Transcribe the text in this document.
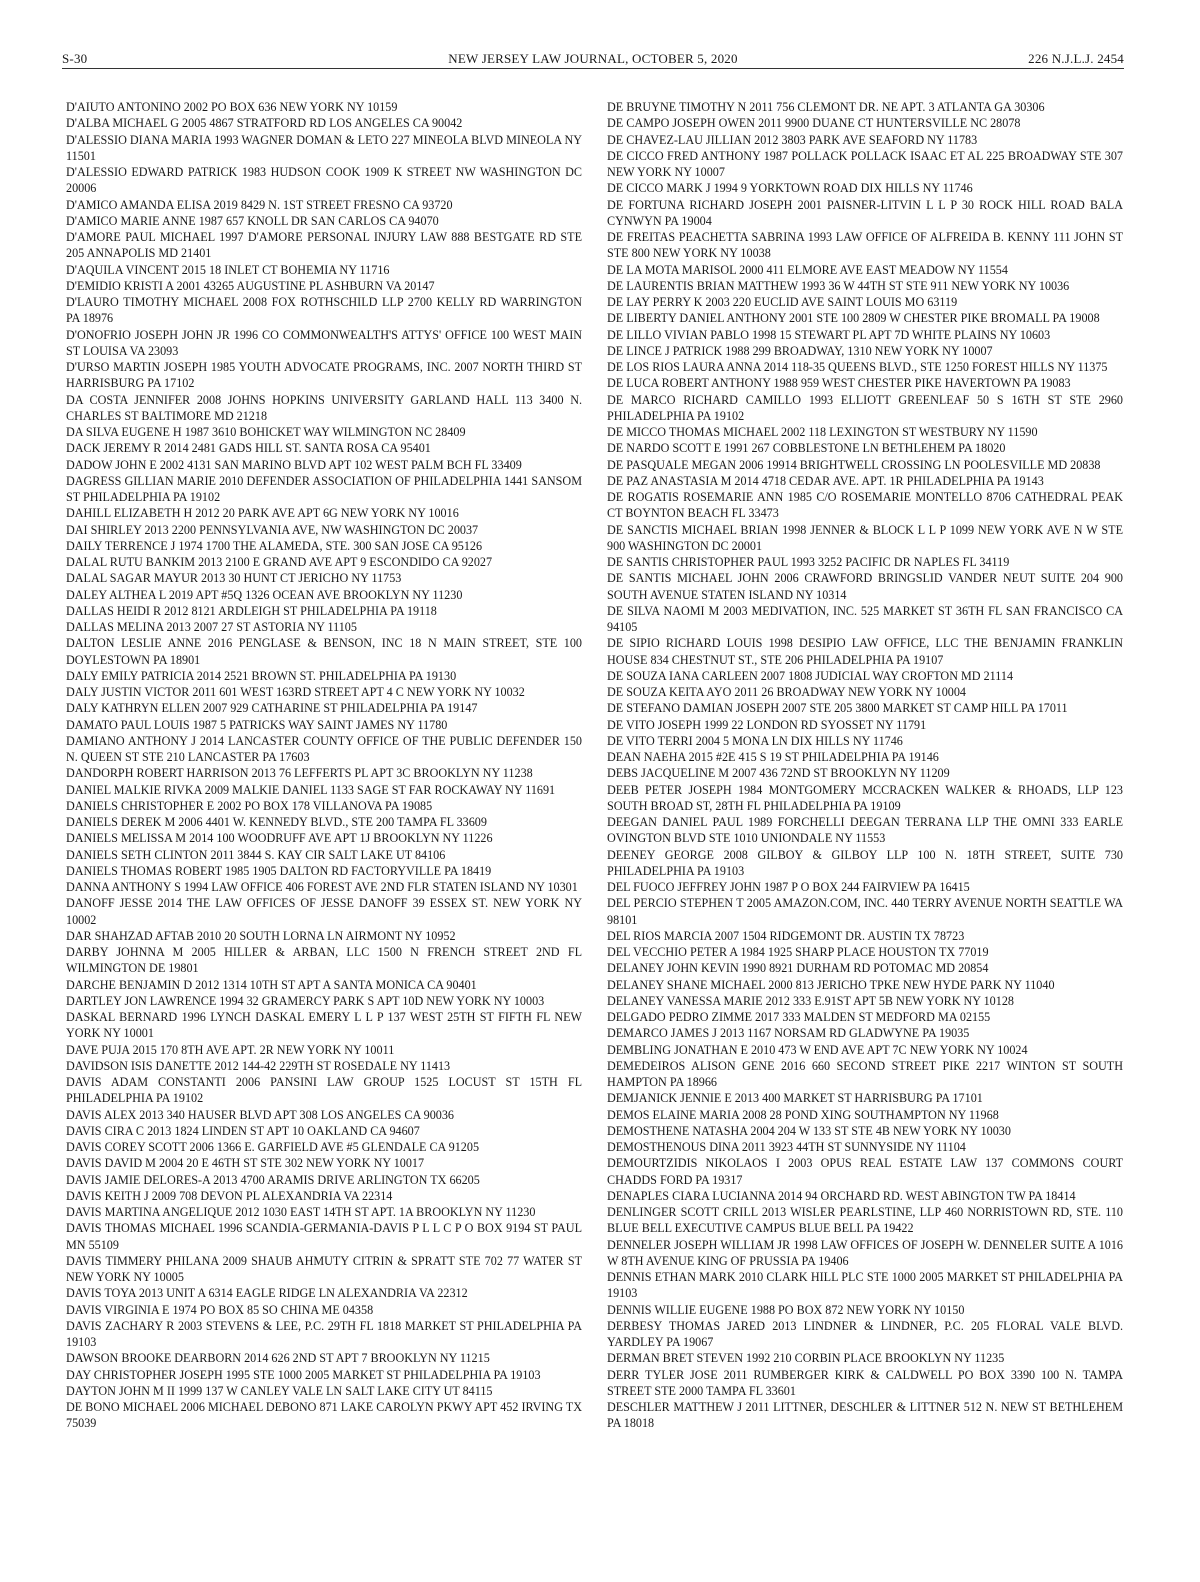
S-30	NEW JERSEY LAW JOURNAL, OCTOBER 5, 2020	226 N.J.L.J. 2454

D'AIUTO ANTONINO 2002 PO BOX 636 NEW YORK NY 10159

D'ALBA MICHAEL G 2005 4867 STRATFORD RD LOS ANGELES CA 90042

D'ALESSIO DIANA MARIA 1993 WAGNER DOMAN & LETO 227 MINEOLA BLVD MINEOLA NY 11501

D'ALESSIO EDWARD PATRICK 1983 HUDSON COOK 1909 K STREET NW WASHINGTON DC 20006

D'AMICO AMANDA ELISA 2019 8429 N. 1ST STREET FRESNO CA 93720

D'AMICO MARIE ANNE 1987 657 KNOLL DR SAN CARLOS CA 94070

D'AMORE PAUL MICHAEL 1997 D'AMORE PERSONAL INJURY LAW 888 BESTGATE RD STE 205 ANNAPOLIS MD 21401

D'AQUILA VINCENT 2015 18 INLET CT BOHEMIA NY 11716

D'EMIDIO KRISTI A 2001 43265 AUGUSTINE PL ASHBURN VA 20147

D'LAURO TIMOTHY MICHAEL 2008 FOX ROTHSCHILD LLP 2700 KELLY RD WARRINGTON PA 18976

D'ONOFRIO JOSEPH JOHN JR 1996 CO COMMONWEALTH'S ATTYS' OFFICE 100 WEST MAIN ST LOUISA VA 23093

D'URSO MARTIN JOSEPH 1985 YOUTH ADVOCATE PROGRAMS, INC. 2007 NORTH THIRD ST HARRISBURG PA 17102

DA COSTA JENNIFER 2008 JOHNS HOPKINS UNIVERSITY GARLAND HALL 113 3400 N. CHARLES ST BALTIMORE MD 21218

DA SILVA EUGENE H 1987 3610 BOHICKET WAY WILMINGTON NC 28409

DACK JEREMY R 2014 2481 GADS HILL ST. SANTA ROSA CA 95401

DADOW JOHN E 2002 4131 SAN MARINO BLVD APT 102 WEST PALM BCH FL 33409

DAGRESS GILLIAN MARIE 2010 DEFENDER ASSOCIATION OF PHILADELPHIA 1441 SANSOM ST PHILADELPHIA PA 19102

DAHILL ELIZABETH H 2012 20 PARK AVE APT 6G NEW YORK NY 10016

DAI SHIRLEY 2013 2200 PENNSYLVANIA AVE, NW WASHINGTON DC 20037

DAILY TERRENCE J 1974 1700 THE ALAMEDA, STE. 300 SAN JOSE CA 95126

DALAL RUTU BANKIM 2013 2100 E GRAND AVE APT 9 ESCONDIDO CA 92027

DALAL SAGAR MAYUR 2013 30 HUNT CT JERICHO NY 11753

DALEY ALTHEA L 2019 APT #5Q 1326 OCEAN AVE BROOKLYN NY 11230

DALLAS HEIDI R 2012 8121 ARDLEIGH ST PHILADELPHIA PA 19118

DALLAS MELINA 2013 2007 27 ST ASTORIA NY 11105

DALTON LESLIE ANNE 2016 PENGLASE & BENSON, INC 18 N MAIN STREET, STE 100 DOYLESTOWN PA 18901

DALY EMILY PATRICIA 2014 2521 BROWN ST. PHILADELPHIA PA 19130

DALY JUSTIN VICTOR 2011 601 WEST 163RD STREET APT 4 C NEW YORK NY 10032

DALY KATHRYN ELLEN 2007 929 CATHARINE ST PHILADELPHIA PA 19147

DAMATO PAUL LOUIS 1987 5 PATRICKS WAY SAINT JAMES NY 11780

DAMIANO ANTHONY J 2014 LANCASTER COUNTY OFFICE OF THE PUBLIC DEFENDER 150 N. QUEEN ST STE 210 LANCASTER PA 17603

DANDORPH ROBERT HARRISON 2013 76 LEFFERTS PL APT 3C BROOKLYN NY 11238

DANIEL MALKIE RIVKA 2009 MALKIE DANIEL 1133 SAGE ST FAR ROCKAWAY NY 11691

DANIELS CHRISTOPHER E 2002 PO BOX 178 VILLANOVA PA 19085

DANIELS DEREK M 2006 4401 W. KENNEDY BLVD., STE 200 TAMPA FL 33609

DANIELS MELISSA M 2014 100 WOODRUFF AVE APT 1J BROOKLYN NY 11226

DANIELS SETH CLINTON 2011 3844 S. KAY CIR SALT LAKE UT 84106

DANIELS THOMAS ROBERT 1985 1905 DALTON RD FACTORYVILLE PA 18419

DANNA ANTHONY S 1994 LAW OFFICE 406 FOREST AVE 2ND FLR STATEN ISLAND NY 10301

DANOFF JESSE 2014 THE LAW OFFICES OF JESSE DANOFF 39 ESSEX ST. NEW YORK NY 10002

DAR SHAHZAD AFTAB 2010 20 SOUTH LORNA LN AIRMONT NY 10952

DARBY JOHNNA M 2005 HILLER & ARBAN, LLC 1500 N FRENCH STREET 2ND FL WILMINGTON DE 19801

DARCHE BENJAMIN D 2012 1314 10TH ST APT A SANTA MONICA CA 90401

DARTLEY JON LAWRENCE 1994 32 GRAMERCY PARK S APT 10D NEW YORK NY 10003

DASKAL BERNARD 1996 LYNCH DASKAL EMERY L L P 137 WEST 25TH ST FIFTH FL NEW YORK NY 10001

DAVE PUJA 2015 170 8TH AVE APT. 2R NEW YORK NY 10011

DAVIDSON ISIS DANETTE 2012 144-42 229TH ST ROSEDALE NY 11413

DAVIS ADAM CONSTANTI 2006 PANSINI LAW GROUP 1525 LOCUST ST 15TH FL PHILADELPHIA PA 19102

DAVIS ALEX 2013 340 HAUSER BLVD APT 308 LOS ANGELES CA 90036

DAVIS CIRA C 2013 1824 LINDEN ST APT 10 OAKLAND CA 94607

DAVIS COREY SCOTT 2006 1366 E. GARFIELD AVE #5 GLENDALE CA 91205

DAVIS DAVID M 2004 20 E 46TH ST STE 302 NEW YORK NY 10017

DAVIS JAMIE DELORES-A 2013 4700 ARAMIS DRIVE ARLINGTON TX 66205

DAVIS KEITH J 2009 708 DEVON PL ALEXANDRIA VA 22314

DAVIS MARTINA ANGELIQUE 2012 1030 EAST 14TH ST APT. 1A BROOKLYN NY 11230

DAVIS THOMAS MICHAEL 1996 SCANDIA-GERMANIA-DAVIS P L L C P O BOX 9194 ST PAUL MN 55109

DAVIS TIMMERY PHILANA 2009 SHAUB AHMUTY CITRIN & SPRATT STE 702 77 WATER ST NEW YORK NY 10005

DAVIS TOYA 2013 UNIT A 6314 EAGLE RIDGE LN ALEXANDRIA VA 22312

DAVIS VIRGINIA E 1974 PO BOX 85 SO CHINA ME 04358

DAVIS ZACHARY R 2003 STEVENS & LEE, P.C. 29TH FL 1818 MARKET ST PHILADELPHIA PA 19103

DAWSON BROOKE DEARBORN 2014 626 2ND ST APT 7 BROOKLYN NY 11215

DAY CHRISTOPHER JOSEPH 1995 STE 1000 2005 MARKET ST PHILADELPHIA PA 19103

DAYTON JOHN M II 1999 137 W CANLEY VALE LN SALT LAKE CITY UT 84115

DE BONO MICHAEL 2006 MICHAEL DEBONO 871 LAKE CAROLYN PKWY APT 452 IRVING TX 75039

DE BRUYNE TIMOTHY N 2011 756 CLEMONT DR. NE APT. 3 ATLANTA GA 30306

DE CAMPO JOSEPH OWEN 2011 9900 DUANE CT HUNTERSVILLE NC 28078

DE CHAVEZ-LAU JILLIAN 2012 3803 PARK AVE SEAFORD NY 11783

DE CICCO FRED ANTHONY 1987 POLLACK POLLACK ISAAC ET AL 225 BROADWAY STE 307 NEW YORK NY 10007

DE CICCO MARK J 1994 9 YORKTOWN ROAD DIX HILLS NY 11746

DE FORTUNA RICHARD JOSEPH 2001 PAISNER-LITVIN L L P 30 ROCK HILL ROAD BALA CYNWYN PA 19004

DE FREITAS PEACHETTA SABRINA 1993 LAW OFFICE OF ALFREIDA B. KENNY 111 JOHN ST STE 800 NEW YORK NY 10038

DE LA MOTA MARISOL 2000 411 ELMORE AVE EAST MEADOW NY 11554

DE LAURENTIS BRIAN MATTHEW 1993 36 W 44TH ST STE 911 NEW YORK NY 10036

DE LAY PERRY K 2003 220 EUCLID AVE SAINT LOUIS MO 63119

DE LIBERTY DANIEL ANTHONY 2001 STE 100 2809 W CHESTER PIKE BROMALL PA 19008

DE LILLO VIVIAN PABLO 1998 15 STEWART PL APT 7D WHITE PLAINS NY 10603

DE LINCE J PATRICK 1988 299 BROADWAY, 1310 NEW YORK NY 10007

DE LOS RIOS LAURA ANNA 2014 118-35 QUEENS BLVD., STE 1250 FOREST HILLS NY 11375

DE LUCA ROBERT ANTHONY 1988 959 WEST CHESTER PIKE HAVERTOWN PA 19083

DE MARCO RICHARD CAMILLO 1993 ELLIOTT GREENLEAF 50 S 16TH ST STE 2960 PHILADELPHIA PA 19102

DE MICCO THOMAS MICHAEL 2002 118 LEXINGTON ST WESTBURY NY 11590

DE NARDO SCOTT E 1991 267 COBBLESTONE LN BETHLEHEM PA 18020

DE PASQUALE MEGAN 2006 19914 BRIGHTWELL CROSSING LN POOLESVILLE MD 20838

DE PAZ ANASTASIA M 2014 4718 CEDAR AVE. APT. 1R PHILADELPHIA PA 19143

DE ROGATIS ROSEMARIE ANN 1985 C/O ROSEMARIE MONTELLO 8706 CATHEDRAL PEAK CT BOYNTON BEACH FL 33473

DE SANCTIS MICHAEL BRIAN 1998 JENNER & BLOCK L L P 1099 NEW YORK AVE N W STE 900 WASHINGTON DC 20001

DE SANTIS CHRISTOPHER PAUL 1993 3252 PACIFIC DR NAPLES FL 34119

DE SANTIS MICHAEL JOHN 2006 CRAWFORD BRINGSLID VANDER NEUT SUITE 204 900 SOUTH AVENUE STATEN ISLAND NY 10314

DE SILVA NAOMI M 2003 MEDIVATION, INC. 525 MARKET ST 36TH FL SAN FRANCISCO CA 94105

DE SIPIO RICHARD LOUIS 1998 DESIPIO LAW OFFICE, LLC THE BENJAMIN FRANKLIN HOUSE 834 CHESTNUT ST., STE 206 PHILADELPHIA PA 19107

DE SOUZA IANA CARLEEN 2007 1808 JUDICIAL WAY CROFTON MD 21114

DE SOUZA KEITA AYO 2011 26 BROADWAY NEW YORK NY 10004

DE STEFANO DAMIAN JOSEPH 2007 STE 205 3800 MARKET ST CAMP HILL PA 17011

DE VITO JOSEPH 1999 22 LONDON RD SYOSSET NY 11791

DE VITO TERRI 2004 5 MONA LN DIX HILLS NY 11746

DEAN NAEHA 2015 #2E 415 S 19 ST PHILADELPHIA PA 19146

DEBS JACQUELINE M 2007 436 72ND ST BROOKLYN NY 11209

DEEB PETER JOSEPH 1984 MONTGOMERY MCCRACKEN WALKER & RHOADS, LLP 123 SOUTH BROAD ST, 28TH FL PHILADELPHIA PA 19109

DEEGAN DANIEL PAUL 1989 FORCHELLI DEEGAN TERRANA LLP THE OMNI 333 EARLE OVINGTON BLVD STE 1010 UNIONDALE NY 11553

DEENEY GEORGE 2008 GILBOY & GILBOY LLP 100 N. 18TH STREET, SUITE 730 PHILADELPHIA PA 19103

DEL FUOCO JEFFREY JOHN 1987 P O BOX 244 FAIRVIEW PA 16415

DEL PERCIO STEPHEN T 2005 AMAZON.COM, INC. 440 TERRY AVENUE NORTH SEATTLE WA 98101

DEL RIOS MARCIA 2007 1504 RIDGEMONT DR. AUSTIN TX 78723

DEL VECCHIO PETER A 1984 1925 SHARP PLACE HOUSTON TX 77019

DELANEY JOHN KEVIN 1990 8921 DURHAM RD POTOMAC MD 20854

DELANEY SHANE MICHAEL 2000 813 JERICHO TPKE NEW HYDE PARK NY 11040

DELANEY VANESSA MARIE 2012 333 E.91ST APT 5B NEW YORK NY 10128

DELGADO PEDRO ZIMME 2017 333 MALDEN ST MEDFORD MA 02155

DEMARCO JAMES J 2013 1167 NORSAM RD GLADWYNE PA 19035

DEMBLING JONATHAN E 2010 473 W END AVE APT 7C NEW YORK NY 10024

DEMEDEIROS ALISON GENE 2016 660 SECOND STREET PIKE 2217 WINTON ST SOUTH HAMPTON PA 18966

DEMJANICK JENNIE E 2013 400 MARKET ST HARRISBURG PA 17101

DEMOS ELAINE MARIA 2008 28 POND XING SOUTHAMPTON NY 11968

DEMOSTHENE NATASHA 2004 204 W 133 ST STE 4B NEW YORK NY 10030

DEMOSTHENOUS DINA 2011 3923 44TH ST SUNNYSIDE NY 11104

DEMOURTZIDIS NIKOLAOS I 2003 OPUS REAL ESTATE LAW 137 COMMONS COURT CHADDS FORD PA 19317

DENAPLES CIARA LUCIANNA 2014 94 ORCHARD RD. WEST ABINGTON TW PA 18414

DENLINGER SCOTT CRILL 2013 WISLER PEARLSTINE, LLP 460 NORRISTOWN RD, STE. 110 BLUE BELL EXECUTIVE CAMPUS BLUE BELL PA 19422

DENNELER JOSEPH WILLIAM JR 1998 LAW OFFICES OF JOSEPH W. DENNELER SUITE A 1016 W 8TH AVENUE KING OF PRUSSIA PA 19406

DENNIS ETHAN MARK 2010 CLARK HILL PLC STE 1000 2005 MARKET ST PHILADELPHIA PA 19103

DENNIS WILLIE EUGENE 1988 PO BOX 872 NEW YORK NY 10150

DERBESY THOMAS JARED 2013 LINDNER & LINDNER, P.C. 205 FLORAL VALE BLVD. YARDLEY PA 19067

DERMAN BRET STEVEN 1992 210 CORBIN PLACE BROOKLYN NY 11235

DERR TYLER JOSE 2011 RUMBERGER KIRK & CALDWELL PO BOX 3390 100 N. TAMPA STREET STE 2000 TAMPA FL 33601

DESCHLER MATTHEW J 2011 LITTNER, DESCHLER & LITTNER 512 N. NEW ST BETHLEHEM PA 18018
